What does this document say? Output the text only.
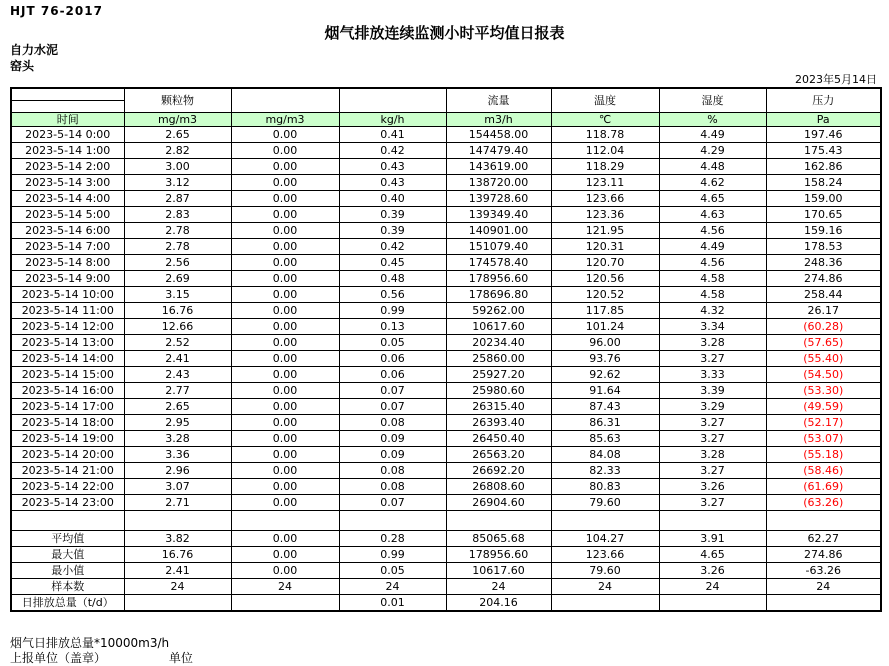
HJT 76-2017
烟气排放连续监测小时平均值日报表
自力水泥
窑头
2023年5月14日
	颗粒物			流量	温度	湿度	压力

时间	mg/m3	mg/m3	kg/h	m3/h	℃	%	Pa
2023-5-14 0:00	2.65	0.00	0.41	154458.00	118.78	4.49	197.46
2023-5-14 1:00	2.82	0.00	0.42	147479.40	112.04	4.29	175.43
2023-5-14 2:00	3.00	0.00	0.43	143619.00	118.29	4.48	162.86
2023-5-14 3:00	3.12	0.00	0.43	138720.00	123.11	4.62	158.24
2023-5-14 4:00	2.87	0.00	0.40	139728.60	123.66	4.65	159.00
2023-5-14 5:00	2.83	0.00	0.39	139349.40	123.36	4.63	170.65
2023-5-14 6:00	2.78	0.00	0.39	140901.00	121.95	4.56	159.16
2023-5-14 7:00	2.78	0.00	0.42	151079.40	120.31	4.49	178.53
2023-5-14 8:00	2.56	0.00	0.45	174578.40	120.70	4.56	248.36
2023-5-14 9:00	2.69	0.00	0.48	178956.60	120.56	4.58	274.86
2023-5-14 10:00	3.15	0.00	0.56	178696.80	120.52	4.58	258.44
2023-5-14 11:00	16.76	0.00	0.99	59262.00	117.85	4.32	26.17
2023-5-14 12:00	12.66	0.00	0.13	10617.60	101.24	3.34	(60.28)
2023-5-14 13:00	2.52	0.00	0.05	20234.40	96.00	3.28	(57.65)
2023-5-14 14:00	2.41	0.00	0.06	25860.00	93.76	3.27	(55.40)
2023-5-14 15:00	2.43	0.00	0.06	25927.20	92.62	3.33	(54.50)
2023-5-14 16:00	2.77	0.00	0.07	25980.60	91.64	3.39	(53.30)
2023-5-14 17:00	2.65	0.00	0.07	26315.40	87.43	3.29	(49.59)
2023-5-14 18:00	2.95	0.00	0.08	26393.40	86.31	3.27	(52.17)
2023-5-14 19:00	3.28	0.00	0.09	26450.40	85.63	3.27	(53.07)
2023-5-14 20:00	3.36	0.00	0.09	26563.20	84.08	3.28	(55.18)
2023-5-14 21:00	2.96	0.00	0.08	26692.20	82.33	3.27	(58.46)
2023-5-14 22:00	3.07	0.00	0.08	26808.60	80.83	3.26	(61.69)
2023-5-14 23:00	2.71	0.00	0.07	26904.60	79.60	3.27	(63.26)

平均值	3.82	0.00	0.28	85065.68	104.27	3.91	62.27
最大值	16.76	0.00	0.99	178956.60	123.66	4.65	274.86
最小值	2.41	0.00	0.05	10617.60	79.60	3.26	-63.26
样本数	24	24	24	24	24	24	24
日排放总量（t/d）			0.01	204.16			
烟气日排放总量*10000m3/h
上报单位（盖章）	单位
